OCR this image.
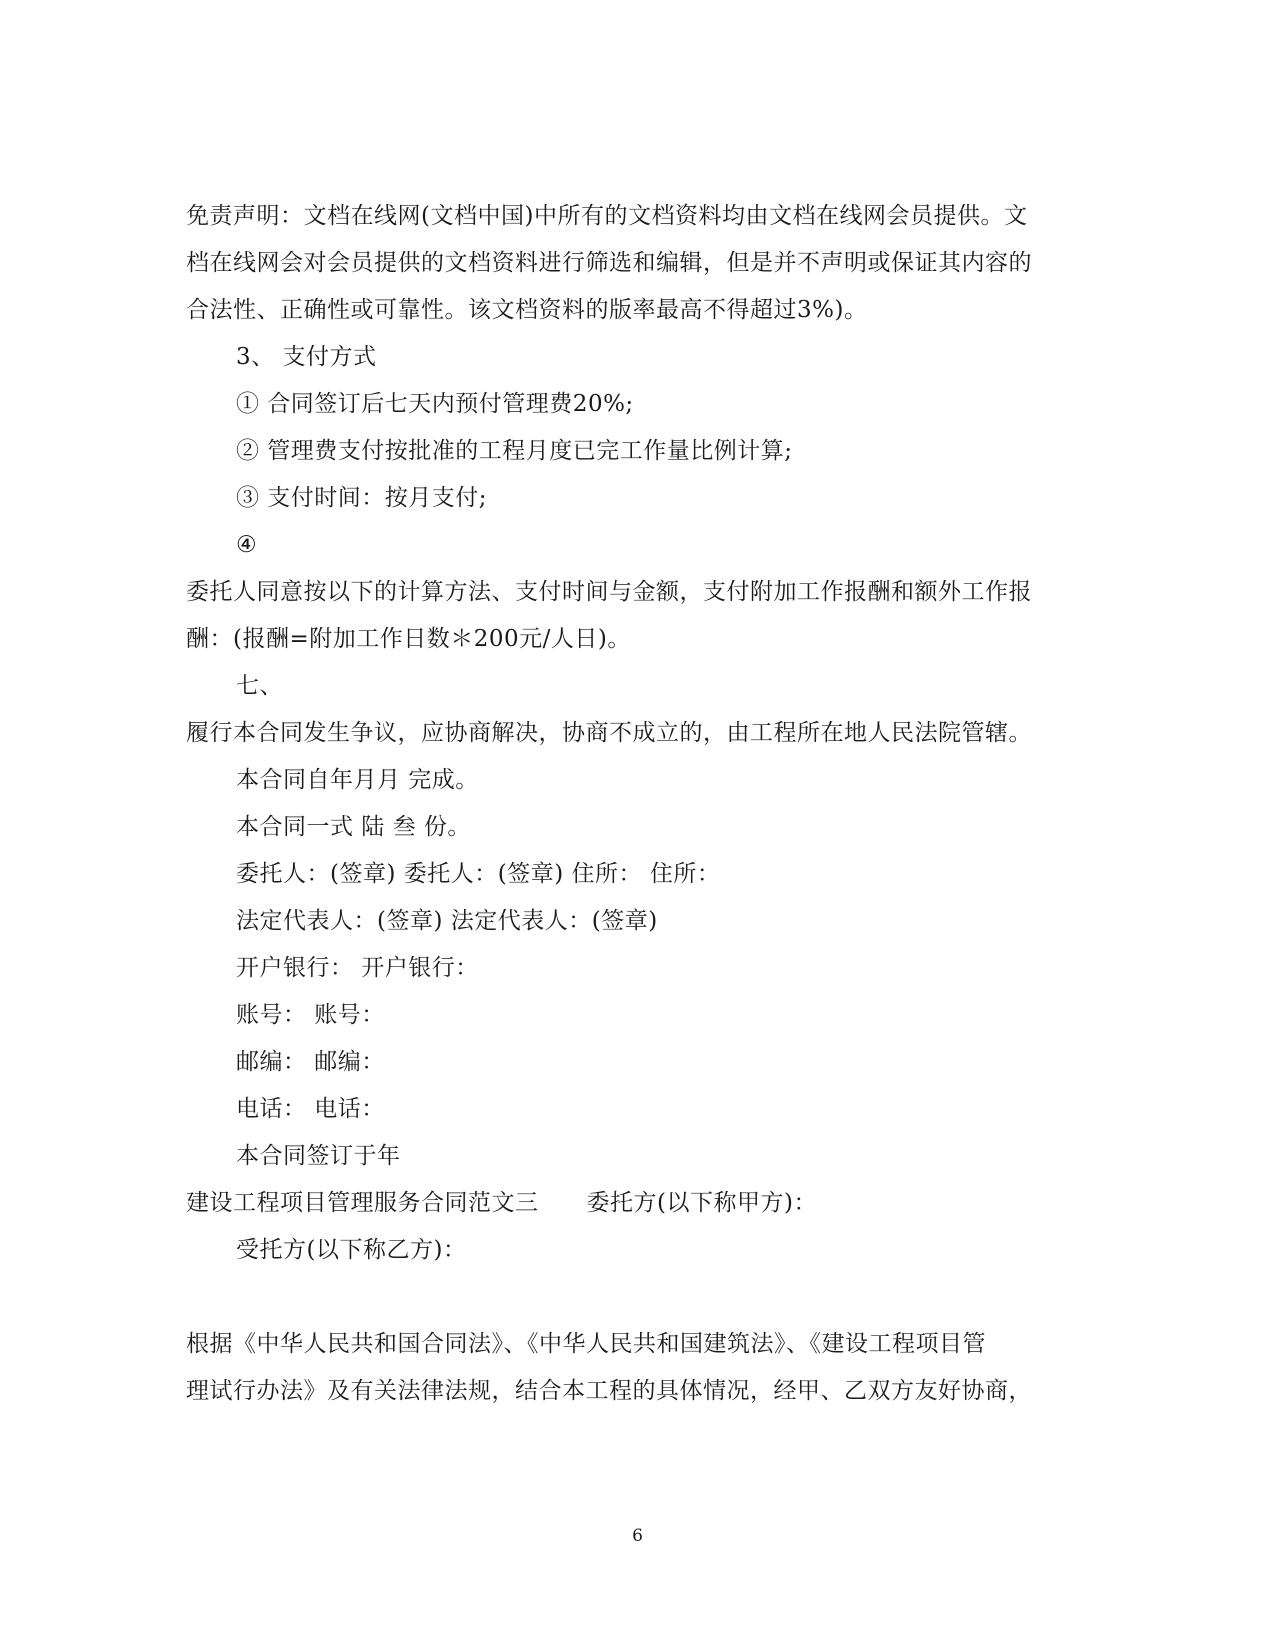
免责声明：文档在线网(文档中国)中所有的文档资料均由文档在线网会员提供。文
档在线网会对会员提供的文档资料进行筛选和编辑，但是并不声明或保证其内容的
合法性、正确性或可靠性。该文档资料的版率最高不得超过3%)。
3、 支付方式
① 合同签订后七天内预付管理费20%;
② 管理费支付按批准的工程月度已完工作量比例计算;
③ 支付时间：按月支付;
④
委托人同意按以下的计算方法、支付时间与金额，支付附加工作报酬和额外工作报
酬：(报酬=附加工作日数＊200元/人日)。
七、
履行本合同发生争议，应协商解决，协商不成立的，由工程所在地人民法院管辖。
本合同自年月月 完成。
本合同一式 陆 叁 份。
委托人：(签章) 委托人：(签章) 住所： 住所：
法定代表人：(签章) 法定代表人：(签章)
开户银行： 开户银行：
账号： 账号：
邮编： 邮编：
电话： 电话：
本合同签订于年
建设工程项目管理服务合同范文三 委托方(以下称甲方)：
受托方(以下称乙方)：
根据《中华人民共和国合同法》、《中华人民共和国建筑法》、《建设工程项目管
理试行办法》及有关法律法规，结合本工程的具体情况，经甲、乙双方友好协商，
6
